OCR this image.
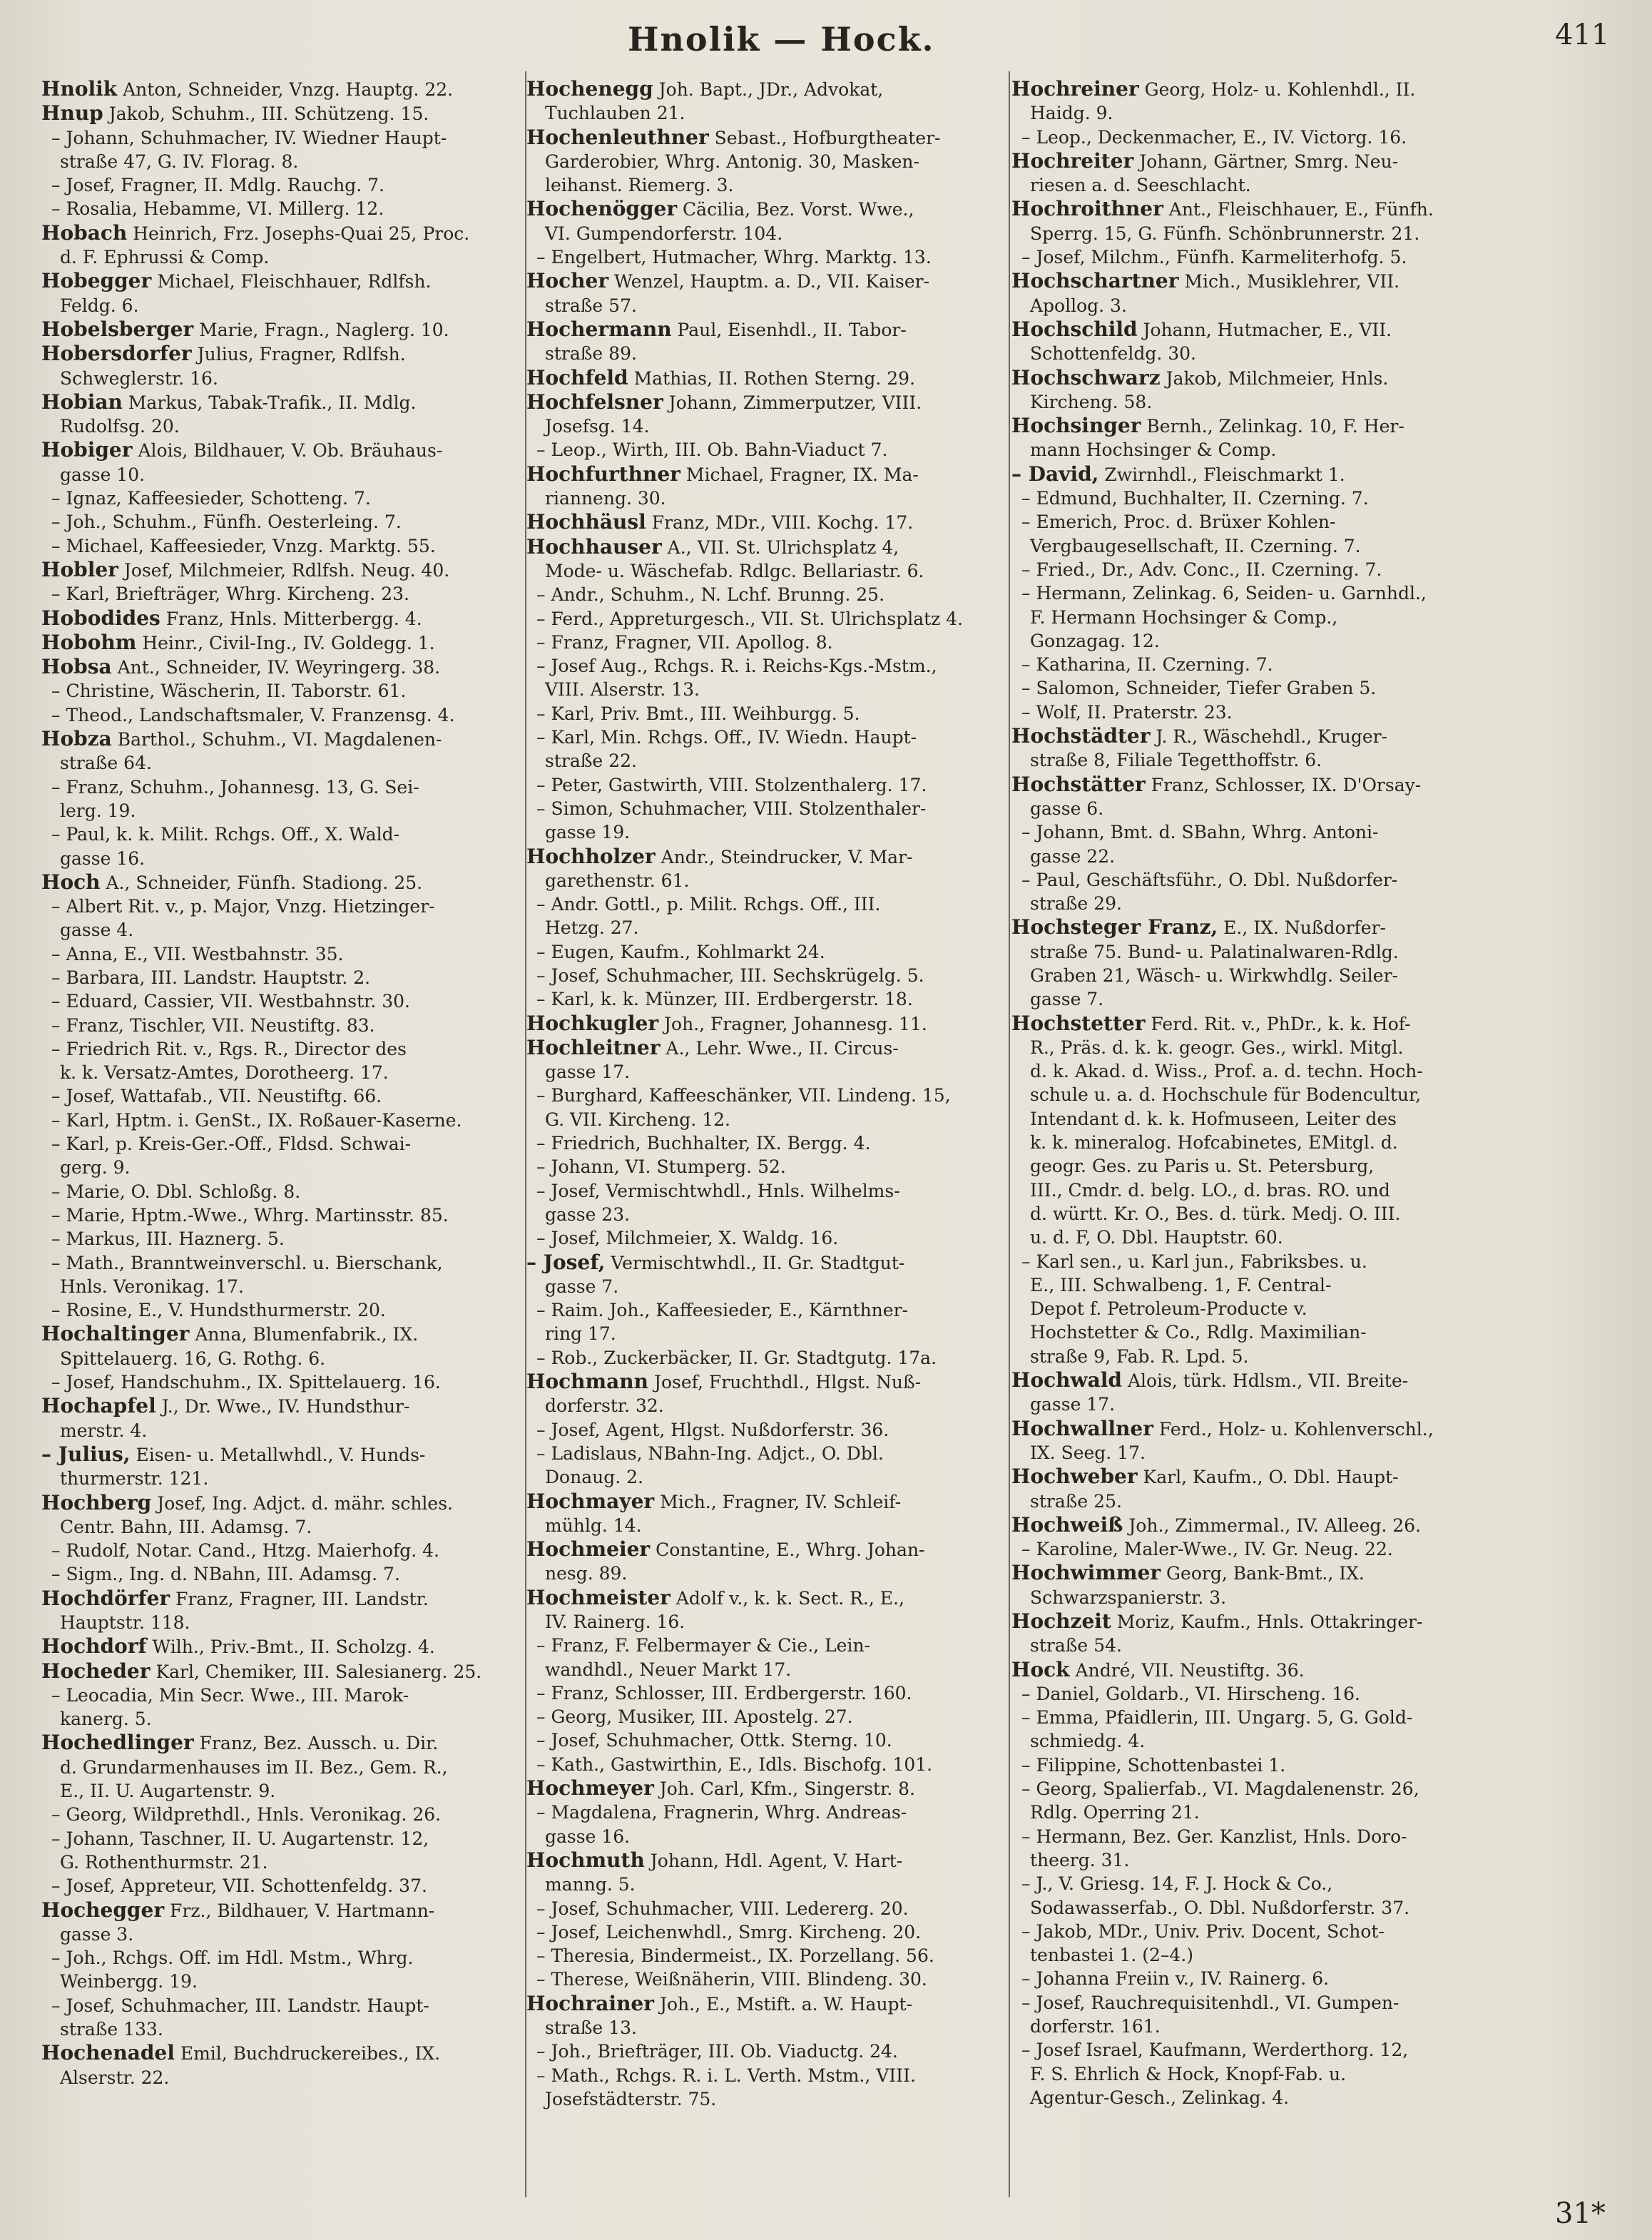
Hnolik — Hock.	411
Hnolik Anton, Schneider, Vnzg. Hauptg. 22.
Hnup Jakob, Schuhm., III. Schützeng. 15.
– Johann, Schuhmacher, IV. Wiedner Haupt-
straße 47, G. IV. Florag. 8.
– Josef, Fragner, II. Mdlg. Rauchg. 7.
– Rosalia, Hebamme, VI. Millerg. 12.
Hobach Heinrich, Frz. Josephs-Quai 25, Proc.
d. F. Ephrussi & Comp.
Hobegger Michael, Fleischhauer, Rdlfsh.
Feldg. 6.
Hobelsberger Marie, Fragn., Naglerg. 10.
Hobersdorfer Julius, Fragner, Rdlfsh.
Schweglerstr. 16.
Hobian Markus, Tabak-Trafik., II. Mdlg.
Rudolfsg. 20.
Hobiger Alois, Bildhauer, V. Ob. Bräuhaus-
gasse 10.
– Ignaz, Kaffeesieder, Schotteng. 7.
– Joh., Schuhm., Fünfh. Oesterleing. 7.
– Michael, Kaffeesieder, Vnzg. Marktg. 55.
Hobler Josef, Milchmeier, Rdlfsh. Neug. 40.
– Karl, Briefträger, Whrg. Kircheng. 23.
Hobodides Franz, Hnls. Mitterbergg. 4.
Hobohm Heinr., Civil-Ing., IV. Goldegg. 1.
Hobsa Ant., Schneider, IV. Weyringerg. 38.
– Christine, Wäscherin, II. Taborstr. 61.
– Theod., Landschaftsmaler, V. Franzensg. 4.
Hobza Barthol., Schuhm., VI. Magdalenen-
straße 64.
– Franz, Schuhm., Johannesg. 13, G. Sei-
lerg. 19.
– Paul, k. k. Milit. Rchgs. Off., X. Wald-
gasse 16.
Hoch A., Schneider, Fünfh. Stadiong. 25.
– Albert Rit. v., p. Major, Vnzg. Hietzinger-
gasse 4.
– Anna, E., VII. Westbahnstr. 35.
– Barbara, III. Landstr. Hauptstr. 2.
– Eduard, Cassier, VII. Westbahnstr. 30.
– Franz, Tischler, VII. Neustiftg. 83.
– Friedrich Rit. v., Rgs. R., Director des
k. k. Versatz-Amtes, Dorotheerg. 17.
– Josef, Wattafab., VII. Neustiftg. 66.
– Karl, Hptm. i. GenSt., IX. Roßauer-Kaserne.
– Karl, p. Kreis-Ger.-Off., Fldsd. Schwai-
gerg. 9.
– Marie, O. Dbl. Schloßg. 8.
– Marie, Hptm.-Wwe., Whrg. Martinsstr. 85.
– Markus, III. Haznerg. 5.
– Math., Branntweinverschl. u. Bierschank,
Hnls. Veronikag. 17.
– Rosine, E., V. Hundsthurmerstr. 20.
Hochaltinger Anna, Blumenfabrik., IX.
Spittelauerg. 16, G. Rothg. 6.
– Josef, Handschuhm., IX. Spittelauerg. 16.
Hochapfel J., Dr. Wwe., IV. Hundsthur-
merstr. 4.
– Julius, Eisen- u. Metallwhdl., V. Hunds-
thurmerstr. 121.
Hochberg Josef, Ing. Adjct. d. mähr. schles.
Centr. Bahn, III. Adamsg. 7.
– Rudolf, Notar. Cand., Htzg. Maierhofg. 4.
– Sigm., Ing. d. NBahn, III. Adamsg. 7.
Hochdörfer Franz, Fragner, III. Landstr.
Hauptstr. 118.
Hochdorf Wilh., Priv.-Bmt., II. Scholzg. 4.
Hocheder Karl, Chemiker, III. Salesianerg. 25.
– Leocadia, Min Secr. Wwe., III. Marok-
kanerg. 5.
Hochedlinger Franz, Bez. Aussch. u. Dir.
d. Grundarmenhauses im II. Bez., Gem. R.,
E., II. U. Augartenstr. 9.
– Georg, Wildprethdl., Hnls. Veronikag. 26.
– Johann, Taschner, II. U. Augartenstr. 12,
G. Rothenthurmstr. 21.
– Josef, Appreteur, VII. Schottenfeldg. 37.
Hochegger Frz., Bildhauer, V. Hartmann-
gasse 3.
– Joh., Rchgs. Off. im Hdl. Mstm., Whrg.
Weinbergg. 19.
– Josef, Schuhmacher, III. Landstr. Haupt-
straße 133.
Hochenadel Emil, Buchdruckereibes., IX.
Alserstr. 22.
Hochenegg Joh. Bapt., JDr., Advokat,
Tuchlauben 21.
Hochenleuthner Sebast., Hofburgtheater-
Garderobier, Whrg. Antonig. 30, Masken-
leihanst. Riemerg. 3.
Hochenögger Cäcilia, Bez. Vorst. Wwe.,
VI. Gumpendorferstr. 104.
– Engelbert, Hutmacher, Whrg. Marktg. 13.
Hocher Wenzel, Hauptm. a. D., VII. Kaiser-
straße 57.
Hochermann Paul, Eisenhdl., II. Tabor-
straße 89.
Hochfeld Mathias, II. Rothen Sterng. 29.
Hochfelsner Johann, Zimmerputzer, VIII.
Josefsg. 14.
– Leop., Wirth, III. Ob. Bahn-Viaduct 7.
Hochfurthner Michael, Fragner, IX. Ma-
rianneng. 30.
Hochhäusl Franz, MDr., VIII. Kochg. 17.
Hochhauser A., VII. St. Ulrichsplatz 4,
Mode- u. Wäschefab. Rdlgc. Bellariastr. 6.
– Andr., Schuhm., N. Lchf. Brunng. 25.
– Ferd., Appreturgesch., VII. St. Ulrichsplatz 4.
– Franz, Fragner, VII. Apollog. 8.
– Josef Aug., Rchgs. R. i. Reichs-Kgs.-Mstm.,
VIII. Alserstr. 13.
– Karl, Priv. Bmt., III. Weihburgg. 5.
– Karl, Min. Rchgs. Off., IV. Wiedn. Haupt-
straße 22.
– Peter, Gastwirth, VIII. Stolzenthalerg. 17.
– Simon, Schuhmacher, VIII. Stolzenthaler-
gasse 19.
Hochholzer Andr., Steindrucker, V. Mar-
garethenstr. 61.
– Andr. Gottl., p. Milit. Rchgs. Off., III.
Hetzg. 27.
– Eugen, Kaufm., Kohlmarkt 24.
– Josef, Schuhmacher, III. Sechskrügelg. 5.
– Karl, k. k. Münzer, III. Erdbergerstr. 18.
Hochkugler Joh., Fragner, Johannesg. 11.
Hochleitner A., Lehr. Wwe., II. Circus-
gasse 17.
– Burghard, Kaffeeschänker, VII. Lindeng. 15,
G. VII. Kircheng. 12.
– Friedrich, Buchhalter, IX. Bergg. 4.
– Johann, VI. Stumperg. 52.
– Josef, Vermischtwhdl., Hnls. Wilhelms-
gasse 23.
– Josef, Milchmeier, X. Waldg. 16.
– Josef, Vermischtwhdl., II. Gr. Stadtgut-
gasse 7.
– Raim. Joh., Kaffeesieder, E., Kärnthner-
ring 17.
– Rob., Zuckerbäcker, II. Gr. Stadtgutg. 17a.
Hochmann Josef, Fruchthdl., Hlgst. Nuß-
dorferstr. 32.
– Josef, Agent, Hlgst. Nußdorferstr. 36.
– Ladislaus, NBahn-Ing. Adjct., O. Dbl.
Donaug. 2.
Hochmayer Mich., Fragner, IV. Schleif-
mühlg. 14.
Hochmeier Constantine, E., Whrg. Johan-
nesg. 89.
Hochmeister Adolf v., k. k. Sect. R., E.,
IV. Rainerg. 16.
– Franz, F. Felbermayer & Cie., Lein-
wandhdl., Neuer Markt 17.
– Franz, Schlosser, III. Erdbergerstr. 160.
– Georg, Musiker, III. Apostelg. 27.
– Josef, Schuhmacher, Ottk. Sterng. 10.
– Kath., Gastwirthin, E., Idls. Bischofg. 101.
Hochmeyer Joh. Carl, Kfm., Singerstr. 8.
– Magdalena, Fragnerin, Whrg. Andreas-
gasse 16.
Hochmuth Johann, Hdl. Agent, V. Hart-
manng. 5.
– Josef, Schuhmacher, VIII. Ledererg. 20.
– Josef, Leichenwhdl., Smrg. Kircheng. 20.
– Theresia, Bindermeist., IX. Porzellang. 56.
– Therese, Weißnäherin, VIII. Blindeng. 30.
Hochrainer Joh., E., Mstift. a. W. Haupt-
straße 13.
– Joh., Briefträger, III. Ob. Viaductg. 24.
– Math., Rchgs. R. i. L. Verth. Mstm., VIII.
Josefstädterstr. 75.
Hochreiner Georg, Holz- u. Kohlenhdl., II.
Haidg. 9.
– Leop., Deckenmacher, E., IV. Victorg. 16.
Hochreiter Johann, Gärtner, Smrg. Neu-
riesen a. d. Seeschlacht.
Hochroithner Ant., Fleischhauer, E., Fünfh.
Sperrg. 15, G. Fünfh. Schönbrunnerstr. 21.
– Josef, Milchm., Fünfh. Karmeliterhofg. 5.
Hochschartner Mich., Musiklehrer, VII.
Apollog. 3.
Hochschild Johann, Hutmacher, E., VII.
Schottenfeldg. 30.
Hochschwarz Jakob, Milchmeier, Hnls.
Kircheng. 58.
Hochsinger Bernh., Zelinkag. 10, F. Her-
mann Hochsinger & Comp.
– David, Zwirnhdl., Fleischmarkt 1.
– Edmund, Buchhalter, II. Czerning. 7.
– Emerich, Proc. d. Brüxer Kohlen-
Vergbaugesellschaft, II. Czerning. 7.
– Fried., Dr., Adv. Conc., II. Czerning. 7.
– Hermann, Zelinkag. 6, Seiden- u. Garnhdl.,
F. Hermann Hochsinger & Comp.,
Gonzagag. 12.
– Katharina, II. Czerning. 7.
– Salomon, Schneider, Tiefer Graben 5.
– Wolf, II. Praterstr. 23.
Hochstädter J. R., Wäschehdl., Kruger-
straße 8, Filiale Tegetthoffstr. 6.
Hochstätter Franz, Schlosser, IX. D'Orsay-
gasse 6.
– Johann, Bmt. d. SBahn, Whrg. Antoni-
gasse 22.
– Paul, Geschäftsführ., O. Dbl. Nußdorfer-
straße 29.
Hochsteger Franz, E., IX. Nußdorfer-
straße 75. Bund- u. Palatinalwaren-Rdlg.
Graben 21, Wäsch- u. Wirkwhdlg. Seiler-
gasse 7.
Hochstetter Ferd. Rit. v., PhDr., k. k. Hof-
R., Präs. d. k. k. geogr. Ges., wirkl. Mitgl.
d. k. Akad. d. Wiss., Prof. a. d. techn. Hoch-
schule u. a. d. Hochschule für Bodencultur,
Intendant d. k. k. Hofmuseen, Leiter des
k. k. mineralog. Hofcabinetes, EMitgl. d.
geogr. Ges. zu Paris u. St. Petersburg,
III., Cmdr. d. belg. LO., d. bras. RO. und
d. württ. Kr. O., Bes. d. türk. Medj. O. III.
u. d. F, O. Dbl. Hauptstr. 60.
– Karl sen., u. Karl jun., Fabriksbes. u.
E., III. Schwalbeng. 1, F. Central-
Depot f. Petroleum-Producte v.
Hochstetter & Co., Rdlg. Maximilian-
straße 9, Fab. R. Lpd. 5.
Hochwald Alois, türk. Hdlsm., VII. Breite-
gasse 17.
Hochwallner Ferd., Holz- u. Kohlenverschl.,
IX. Seeg. 17.
Hochweber Karl, Kaufm., O. Dbl. Haupt-
straße 25.
Hochweiß Joh., Zimmermal., IV. Alleeg. 26.
– Karoline, Maler-Wwe., IV. Gr. Neug. 22.
Hochwimmer Georg, Bank-Bmt., IX.
Schwarzspanierstr. 3.
Hochzeit Moriz, Kaufm., Hnls. Ottakringer-
straße 54.
Hock André, VII. Neustiftg. 36.
– Daniel, Goldarb., VI. Hirscheng. 16.
– Emma, Pfaidlerin, III. Ungarg. 5, G. Gold-
schmiedg. 4.
– Filippine, Schottenbastei 1.
– Georg, Spalierfab., VI. Magdalenenstr. 26,
Rdlg. Operring 21.
– Hermann, Bez. Ger. Kanzlist, Hnls. Doro-
theerg. 31.
– J., V. Griesg. 14, F. J. Hock & Co.,
Sodawasserfab., O. Dbl. Nußdorferstr. 37.
– Jakob, MDr., Univ. Priv. Docent, Schot-
tenbastei 1. (2–4.)
– Johanna Freiin v., IV. Rainerg. 6.
– Josef, Rauchrequisitenhdl., VI. Gumpen-
dorferstr. 161.
– Josef Israel, Kaufmann, Werderthorg. 12,
F. S. Ehrlich & Hock, Knopf-Fab. u.
Agentur-Gesch., Zelinkag. 4.
31*
